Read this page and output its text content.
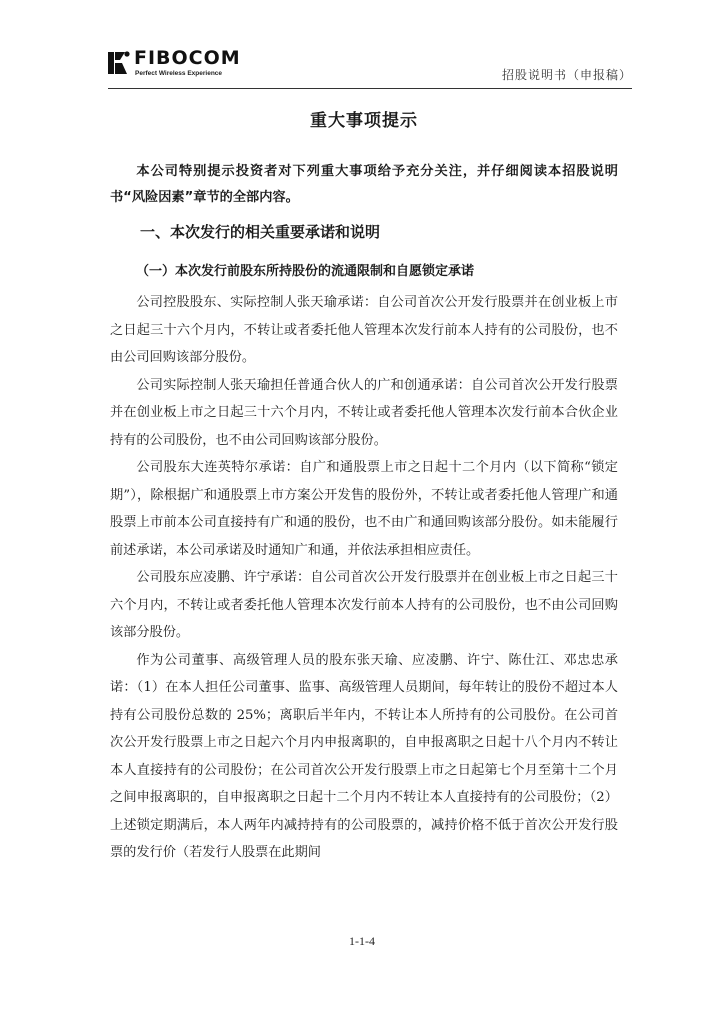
FIBOCOM
Perfect Wireless Experience	招股说明书（申报稿）
重大事项提示

本公司特别提示投资者对下列重大事项给予充分关注，并仔细阅读本招股说明书“风险因素”章节的全部内容。

一、本次发行的相关重要承诺和说明
（一）本次发行前股东所持股份的流通限制和自愿锁定承诺

公司控股股东、实际控制人张天瑜承诺：自公司首次公开发行股票并在创业板上市之日起三十六个月内，不转让或者委托他人管理本次发行前本人持有的公司股份，也不由公司回购该部分股份。

公司实际控制人张天瑜担任普通合伙人的广和创通承诺：自公司首次公开发行股票并在创业板上市之日起三十六个月内，不转让或者委托他人管理本次发行前本合伙企业持有的公司股份，也不由公司回购该部分股份。

公司股东大连英特尔承诺：自广和通股票上市之日起十二个月内（以下简称“锁定期”），除根据广和通股票上市方案公开发售的股份外，不转让或者委托他人管理广和通股票上市前本公司直接持有广和通的股份，也不由广和通回购该部分股份。如未能履行前述承诺，本公司承诺及时通知广和通，并依法承担相应责任。

公司股东应凌鹏、许宁承诺：自公司首次公开发行股票并在创业板上市之日起三十六个月内，不转让或者委托他人管理本次发行前本人持有的公司股份，也不由公司回购该部分股份。

作为公司董事、高级管理人员的股东张天瑜、应凌鹏、许宁、陈仕江、邓忠忠承诺：（1）在本人担任公司董事、监事、高级管理人员期间，每年转让的股份不超过本人持有公司股份总数的 25%；离职后半年内，不转让本人所持有的公司股份。在公司首次公开发行股票上市之日起六个月内申报离职的，自申报离职之日起十八个月内不转让本人直接持有的公司股份；在公司首次公开发行股票上市之日起第七个月至第十二个月之间申报离职的，自申报离职之日起十二个月内不转让本人直接持有的公司股份；（2）上述锁定期满后，本人两年内减持持有的公司股票的，减持价格不低于首次公开发行股票的发行价（若发行人股票在此期间

1-1-4
